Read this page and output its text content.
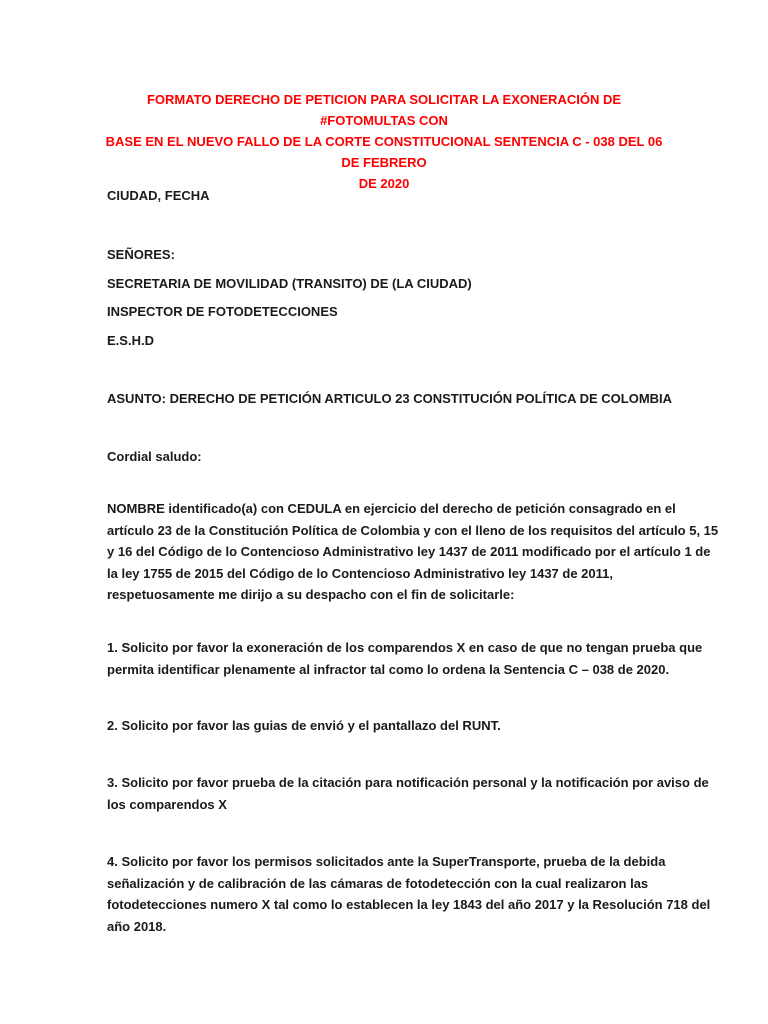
FORMATO DERECHO DE PETICION PARA SOLICITAR LA EXONERACIÓN DE #FOTOMULTAS CON
BASE EN EL NUEVO FALLO DE LA CORTE CONSTITUCIONAL SENTENCIA C - 038 DEL 06 DE FEBRERO
DE 2020
CIUDAD, FECHA
SEÑORES:
SECRETARIA DE MOVILIDAD (TRANSITO) DE (LA CIUDAD)
INSPECTOR DE FOTODETECCIONES
E.S.H.D
ASUNTO: DERECHO DE PETICIÓN ARTICULO 23 CONSTITUCIÓN POLÍTICA DE COLOMBIA
Cordial saludo:
NOMBRE identificado(a) con CEDULA en ejercicio del derecho de petición consagrado en el
artículo 23 de la Constitución Política de Colombia y con el lleno de los requisitos del artículo 5, 15
y 16 del Código de lo Contencioso Administrativo ley 1437 de 2011 modificado por el artículo 1 de
la ley 1755 de 2015 del Código de lo Contencioso Administrativo ley 1437 de 2011,
respetuosamente me dirijo a su despacho con el fin de solicitarle:
1. Solicito por favor la exoneración de los comparendos X en caso de que no tengan prueba que
permita identificar plenamente al infractor tal como lo ordena la Sentencia C – 038 de 2020.
2. Solicito por favor las guias de envió y el pantallazo del RUNT.
3. Solicito por favor prueba de la citación para notificación personal y la notificación por aviso de
los comparendos X
4. Solicito por favor los permisos solicitados ante la SuperTransporte, prueba de la debida
señalización y de calibración de las cámaras de fotodetección con la cual realizaron las
fotodetecciones numero X tal como lo establecen la ley 1843 del año 2017 y la Resolución 718 del
año 2018.
